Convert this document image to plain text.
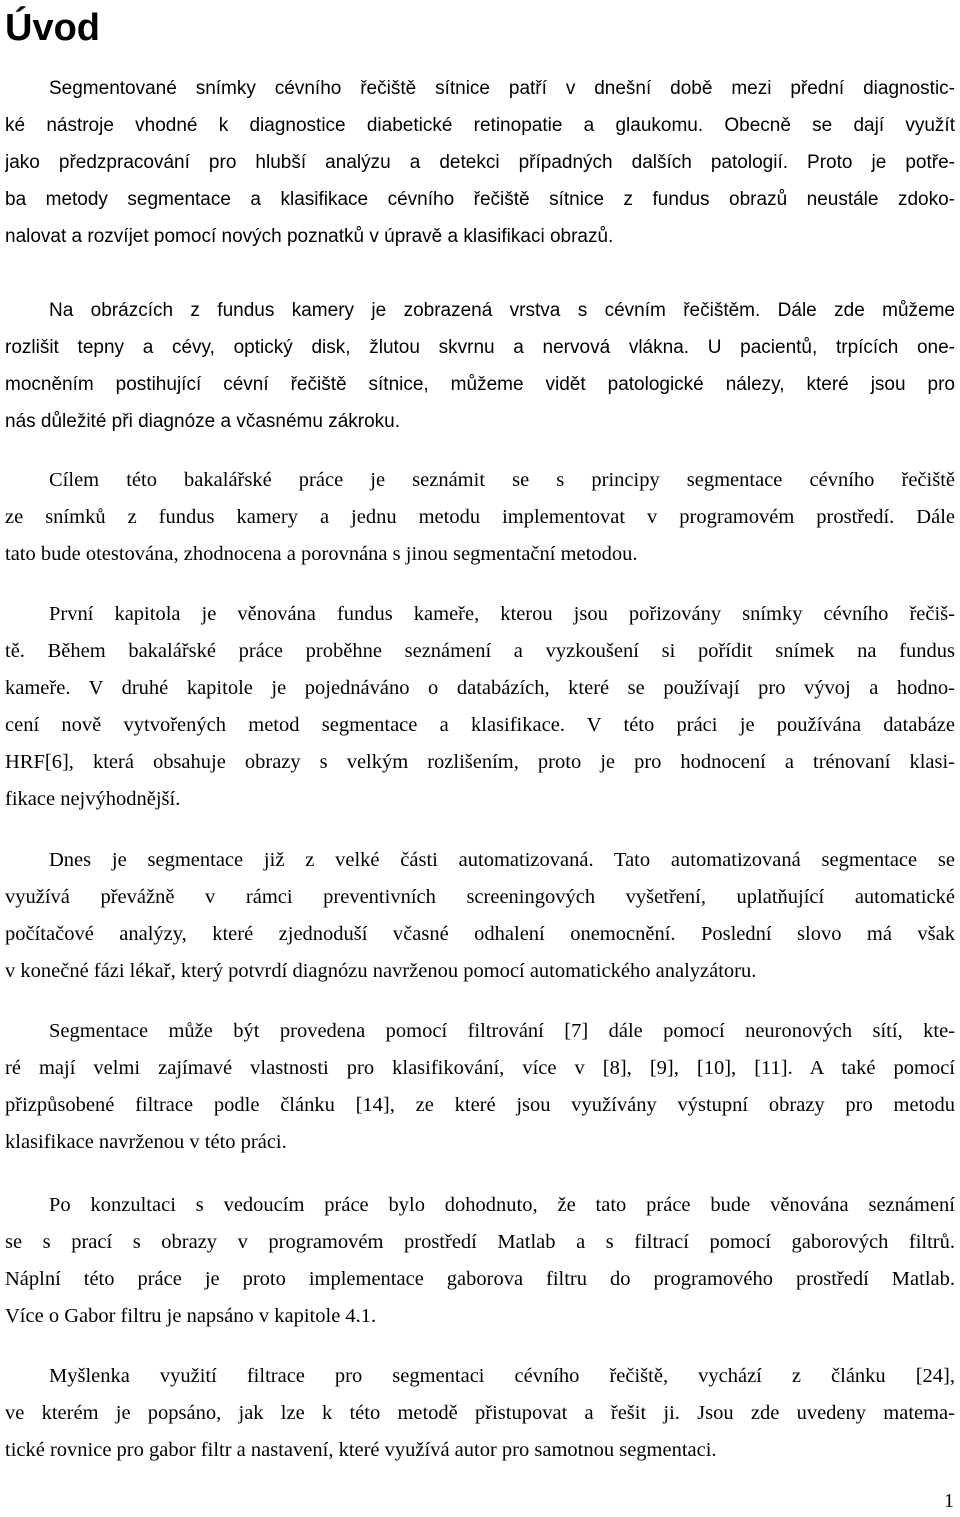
Úvod
Segmentované snímky cévního řečiště sítnice patří v dnešní době mezi přední diagnostic-
ké nástroje vhodné k diagnostice diabetické retinopatie a glaukomu. Obecně se dají využít
jako předzpracování pro hlubší analýzu a detekci případných dalších patologií. Proto je potře-
ba metody segmentace a klasifikace cévního řečiště sítnice z fundus obrazů neustále zdoko-
nalovat a rozvíjet pomocí nových poznatků v úpravě a klasifikaci obrazů.
Na obrázcích z fundus kamery je zobrazená vrstva s cévním řečištěm. Dále zde můžeme
rozlišit tepny a cévy, optický disk, žlutou skvrnu a nervová vlákna. U pacientů, trpících one-
mocněním postihující cévní řečiště sítnice, můžeme vidět patologické nálezy, které jsou pro
nás důležité při diagnóze a včasnému zákroku.
Cílem této bakalářské práce je seznámit se s principy segmentace cévního řečiště
ze snímků z fundus kamery a jednu metodu implementovat v programovém prostředí. Dále
tato bude otestována, zhodnocena a porovnána s jinou segmentační metodou.
První kapitola je věnována fundus kameře, kterou jsou pořizovány snímky cévního řečiš-
tě. Během bakalářské práce proběhne seznámení a vyzkoušení si pořídit snímek na fundus
kameře. V druhé kapitole je pojednáváno o databázích, které se používají pro vývoj a hodno-
cení nově vytvořených metod segmentace a klasifikace. V této práci je používána databáze
HRF[6], která obsahuje obrazy s velkým rozlišením, proto je pro hodnocení a trénovaní klasi-
fikace nejvýhodnější.
Dnes je segmentace již z velké části automatizovaná. Tato automatizovaná segmentace se
využívá převážně v rámci preventivních screeningových vyšetření, uplatňující automatické
počítačové analýzy, které zjednoduší včasné odhalení onemocnění. Poslední slovo má však
v konečné fázi lékař, který potvrdí diagnózu navrženou pomocí automatického analyzátoru.
Segmentace může být provedena pomocí filtrování [7] dále pomocí neuronových sítí, kte-
ré mají velmi zajímavé vlastnosti pro klasifikování, více v [8], [9], [10], [11]. A také pomocí
přizpůsobené filtrace podle článku [14], ze které jsou využívány výstupní obrazy pro metodu
klasifikace navrženou v této práci.
Po konzultaci s vedoucím práce bylo dohodnuto, že tato práce bude věnována seznámení
se s prací s obrazy v programovém prostředí Matlab a s filtrací pomocí gaborových filtrů.
Náplní této práce je proto implementace gaborova filtru do programového prostředí Matlab.
Více o Gabor filtru je napsáno v kapitole 4.1.
Myšlenka využití filtrace pro segmentaci cévního řečiště, vychází z článku [24],
ve kterém je popsáno, jak lze k této metodě přistupovat a řešit ji. Jsou zde uvedeny matema-
tické rovnice pro gabor filtr a nastavení, které využívá autor pro samotnou segmentaci.

1
